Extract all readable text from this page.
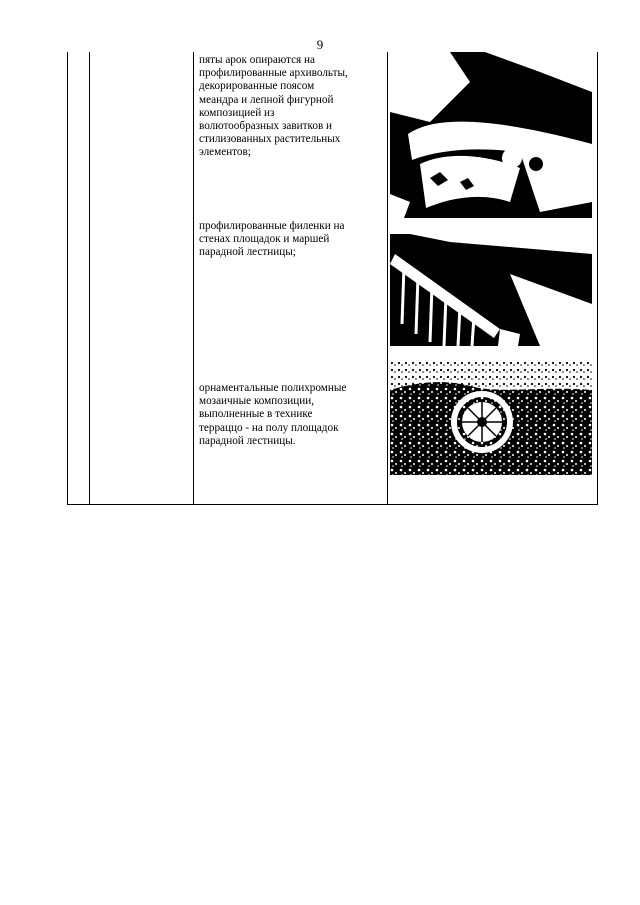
9
пяты арок опираются на
профилированные архивольты,
декорированные поясом
меандра и лепной фигурной
композицией из
волютообразных завитков и
стилизованных растительных
элементов;
профилированные филенки на
стенах площадок и маршей
парадной лестницы;
орнаментальные полихромные
мозаичные композиции,
выполненные в технике
терраццо - на полу площадок
парадной лестницы.
